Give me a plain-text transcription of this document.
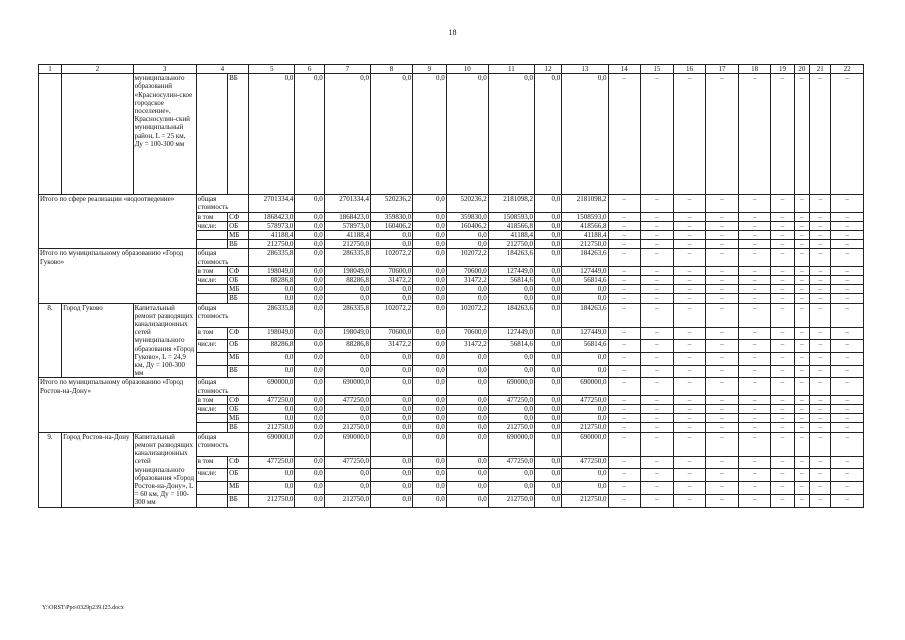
18
1	2	3	4		5	6	7	8	9	10	11	12	13	14	15	16	17	18	19	20	21	22
		муниципального образований «Красносулин-ское городское поселение», Красносулин-ский муниципальный район, L = 25 км, Ду = 100-300 мм		ВБ	0,0	0,0	0,0	0,0	0,0	0,0	0,0	0,0	0,0	–	–	–	–	–	–	–	–	–
Итого по сфере реализации «водоотведение»			общая стоимость		2701334,4	0,0	2701334,4	520236,2	0,0	520236,2	2181098,2	0,0	2181098,2	–	–	–	–	–	–	–	–	–
			в том	СФ	1868423,0	0,0	1868423,0	359830,0	0,0	359830,0	1508593,0	0,0	1508593,0	–	–	–	–	–	–	–	–	–
			числе:	ОБ	578973,0	0,0	578973,0	160406,2	0,0	160406,2	418566,8	0,0	418566,8	–	–	–	–	–	–	–	–	–
				МБ	41188,4	0,0	41188,4	0,0	0,0	0,0	41188,4	0,0	41188,4	–	–	–	–	–	–	–	–	–
				ВБ	212750,0	0,0	212750,0	0,0	0,0	0,0	212750,0	0,0	212750,0	–	–	–	–	–	–	–	–	–
Итого по муниципальному образованию «Город Гуково»			общая стоимость		286335,8	0,0	286335,8	102072,2	0,0	102072,2	184263,6	0,0	184263,6	–	–	–	–	–	–	–	–	–
			в том	СФ	198049,0	0,0	198049,0	70600,0	0,0	70600,0	127449,0	0,0	127449,0	–	–	–	–	–	–	–	–	–
			числе:	ОБ	88286,8	0,0	88286,8	31472,2	0,0	31472,2	56814,6	0,0	56814,6	–	–	–	–	–	–	–	–	–
				МБ	0,0	0,0	0,0	0,0	0,0	0,0	0,0	0,0	0,0	–	–	–	–	–	–	–	–	–
				ВБ	0,0	0,0	0,0	0,0	0,0	0,0	0,0	0,0	0,0	–	–	–	–	–	–	–	–	–
8.	Город Гуково	Капитальный ремонт разводящих канализационных сетей муниципального образования «Город Гуково», L = 24,9 км, Ду = 100-300 мм	общая стоимость		286335,8	0,0	286335,8	102072,2	0,0	102072,2	184263,6	0,0	184263,6	–	–	–	–	–	–	–	–	–
			в том	СФ	198049,0	0,0	198049,0	70600,0	0,0	70600,0	127449,0	0,0	127449,0	–	–	–	–	–	–	–	–	–
			числе:	ОБ	88286,8	0,0	88286,8	31472,2	0,0	31472,2	56814,6	0,0	56814,6	–	–	–	–	–	–	–	–	–
				МБ	0,0	0,0	0,0	0,0	0,0	0,0	0,0	0,0	0,0	–	–	–	–	–	–	–	–	–
				ВБ	0,0	0,0	0,0	0,0	0,0	0,0	0,0	0,0	0,0	–	–	–	–	–	–	–	–	–
Итого по муниципальному образованию «Город Ростов-на-Дону»			общая стоимость		690000,0	0,0	690000,0	0,0	0,0	0,0	690000,0	0,0	690000,0	–	–	–	–	–	–	–	–	–
			в том	СФ	477250,0	0,0	477250,0	0,0	0,0	0,0	477250,0	0,0	477250,0	–	–	–	–	–	–	–	–	–
			числе:	ОБ	0,0	0,0	0,0	0,0	0,0	0,0	0,0	0,0	0,0	–	–	–	–	–	–	–	–	–
				МБ	0,0	0,0	0,0	0,0	0,0	0,0	0,0	0,0	0,0	–	–	–	–	–	–	–	–	–
				ВБ	212750,0	0,0	212750,0	0,0	0,0	0,0	212750,0	0,0	212750,0	–	–	–	–	–	–	–	–	–
9.	Город Ростов-на-Дону	Капитальный ремонт разводящих канализационных сетей муниципального образования «Город Ростов-на-Дону», L = 60 км, Ду = 100-300 мм	общая стоимость		690000,0	0,0	690000,0	0,0	0,0	0,0	690000,0	0,0	690000,0	–	–	–	–	–	–	–	–	–
			в том	СФ	477250,0	0,0	477250,0	0,0	0,0	0,0	477250,0	0,0	477250,0	–	–	–	–	–	–	–	–	–
			числе:	ОБ	0,0	0,0	0,0	0,0	0,0	0,0	0,0	0,0	0,0	–	–	–	–	–	–	–	–	–
				МБ	0,0	0,0	0,0	0,0	0,0	0,0	0,0	0,0	0,0	–	–	–	–	–	–	–	–	–
				ВБ	212750,0	0,0	212750,0	0,0	0,0	0,0	212750,0	0,0	212750,0	–	–	–	–	–	–	–	–	–
Y:\ORST\Ppo\0329p239.f23.docx
